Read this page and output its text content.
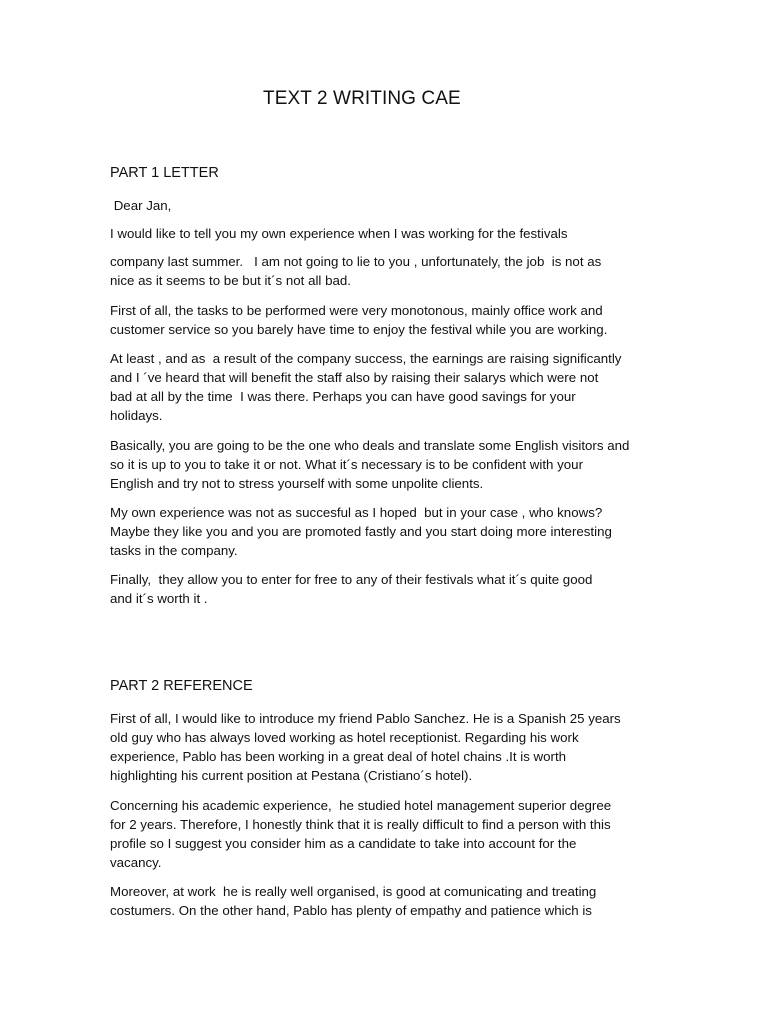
TEXT 2 WRITING CAE
PART 1 LETTER

Dear Jan,

I would like to tell you my own experience when I was working for the festivals

company last summer.   I am not going to lie to you , unfortunately, the job  is not as
nice as it seems to be but it´s not all bad.

First of all, the tasks to be performed were very monotonous, mainly office work and
customer service so you barely have time to enjoy the festival while you are working.

At least , and as  a result of the company success, the earnings are raising significantly
and I ´ve heard that will benefit the staff also by raising their salarys which were not
bad at all by the time  I was there. Perhaps you can have good savings for your
holidays.

Basically, you are going to be the one who deals and translate some English visitors and
so it is up to you to take it or not. What it´s necessary is to be confident with your
English and try not to stress yourself with some unpolite clients.

My own experience was not as succesful as I hoped  but in your case , who knows?
Maybe they like you and you are promoted fastly and you start doing more interesting
tasks in the company.

Finally,  they allow you to enter for free to any of their festivals what it´s quite good
and it´s worth it .

PART 2 REFERENCE

First of all, I would like to introduce my friend Pablo Sanchez. He is a Spanish 25 years
old guy who has always loved working as hotel receptionist. Regarding his work
experience, Pablo has been working in a great deal of hotel chains .It is worth
highlighting his current position at Pestana (Cristiano´s hotel).

Concerning his academic experience,  he studied hotel management superior degree
for 2 years. Therefore, I honestly think that it is really difficult to find a person with this
profile so I suggest you consider him as a candidate to take into account for the
vacancy.

Moreover, at work  he is really well organised, is good at comunicating and treating
costumers. On the other hand, Pablo has plenty of empathy and patience which is
